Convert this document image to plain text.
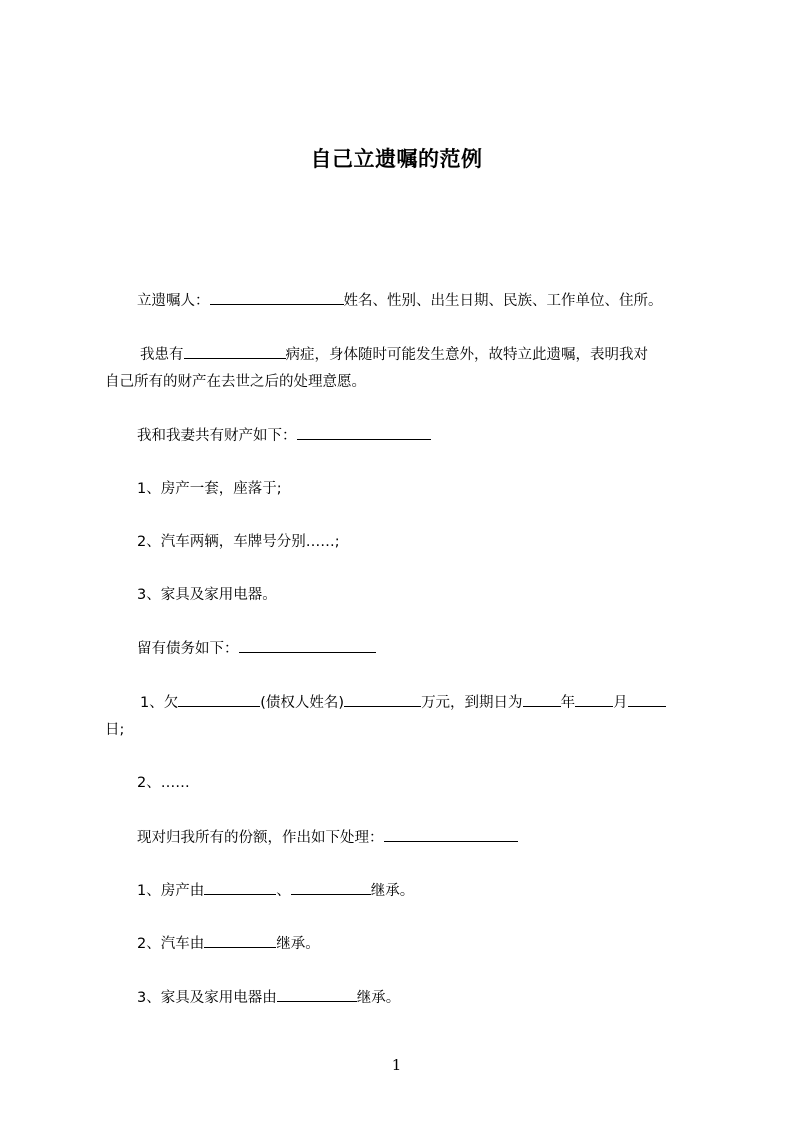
自己立遗嘱的范例
立遗嘱人：	姓名、性别、出生日期、民族、工作单位、住所。
我患有	病症，身体随时可能发生意外，故特立此遗嘱，表明我对
自己所有的财产在去世之后的处理意愿。
我和我妻共有财产如下：
1、房产一套，座落于;
2、汽车两辆，车牌号分别……;
3、家具及家用电器。
留有债务如下：
1、欠	(债权人姓名)	万元，到期日为	年	月
日;
2、……
现对归我所有的份额，作出如下处理：
1、房产由	、	继承。
2、汽车由	继承。
3、家具及家用电器由	继承。
1
